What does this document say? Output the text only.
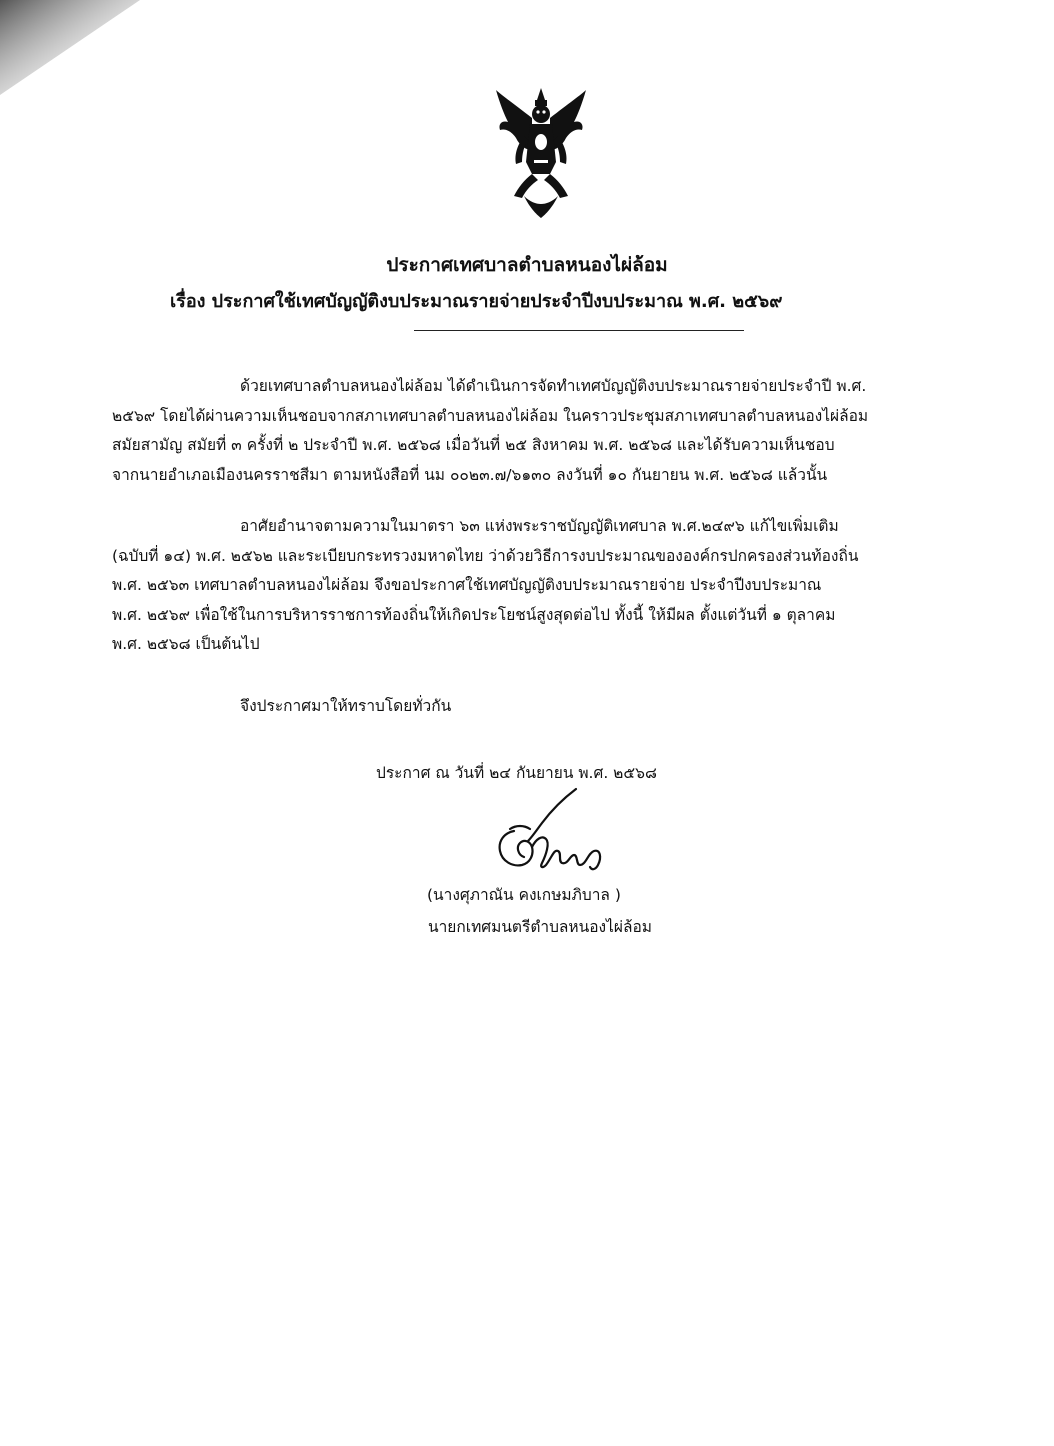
ประกาศเทศบาลตำบลหนองไผ่ล้อม
เรื่อง ประกาศใช้เทศบัญญัติงบประมาณรายจ่ายประจำปีงบประมาณ พ.ศ. ๒๕๖๙
ด้วยเทศบาลตำบลหนองไผ่ล้อม ได้ดำเนินการจัดทำเทศบัญญัติงบประมาณรายจ่ายประจำปี พ.ศ.
๒๕๖๙ โดยได้ผ่านความเห็นชอบจากสภาเทศบาลตำบลหนองไผ่ล้อม ในคราวประชุมสภาเทศบาลตำบลหนองไผ่ล้อม
สมัยสามัญ สมัยที่ ๓ ครั้งที่ ๒ ประจำปี พ.ศ. ๒๕๖๘ เมื่อวันที่ ๒๕ สิงหาคม พ.ศ. ๒๕๖๘ และได้รับความเห็นชอบ
จากนายอำเภอเมืองนครราชสีมา ตามหนังสือที่ นม ๐๐๒๓.๗/๖๑๓๐ ลงวันที่ ๑๐ กันยายน พ.ศ. ๒๕๖๘ แล้วนั้น
อาศัยอำนาจตามความในมาตรา ๖๓ แห่งพระราชบัญญัติเทศบาล พ.ศ.๒๔๙๖ แก้ไขเพิ่มเติม
(ฉบับที่ ๑๔) พ.ศ. ๒๕๖๒ และระเบียบกระทรวงมหาดไทย ว่าด้วยวิธีการงบประมาณขององค์กรปกครองส่วนท้องถิ่น
พ.ศ. ๒๕๖๓ เทศบาลตำบลหนองไผ่ล้อม จึงขอประกาศใช้เทศบัญญัติงบประมาณรายจ่าย ประจำปีงบประมาณ
พ.ศ. ๒๕๖๙ เพื่อใช้ในการบริหารราชการท้องถิ่นให้เกิดประโยชน์สูงสุดต่อไป ทั้งนี้ ให้มีผล ตั้งแต่วันที่ ๑ ตุลาคม
พ.ศ. ๒๕๖๘ เป็นต้นไป
จึงประกาศมาให้ทราบโดยทั่วกัน
ประกาศ ณ วันที่ ๒๔ กันยายน พ.ศ. ๒๕๖๘
(นางศุภาณัน คงเกษมภิบาล )
นายกเทศมนตรีตำบลหนองไผ่ล้อม
